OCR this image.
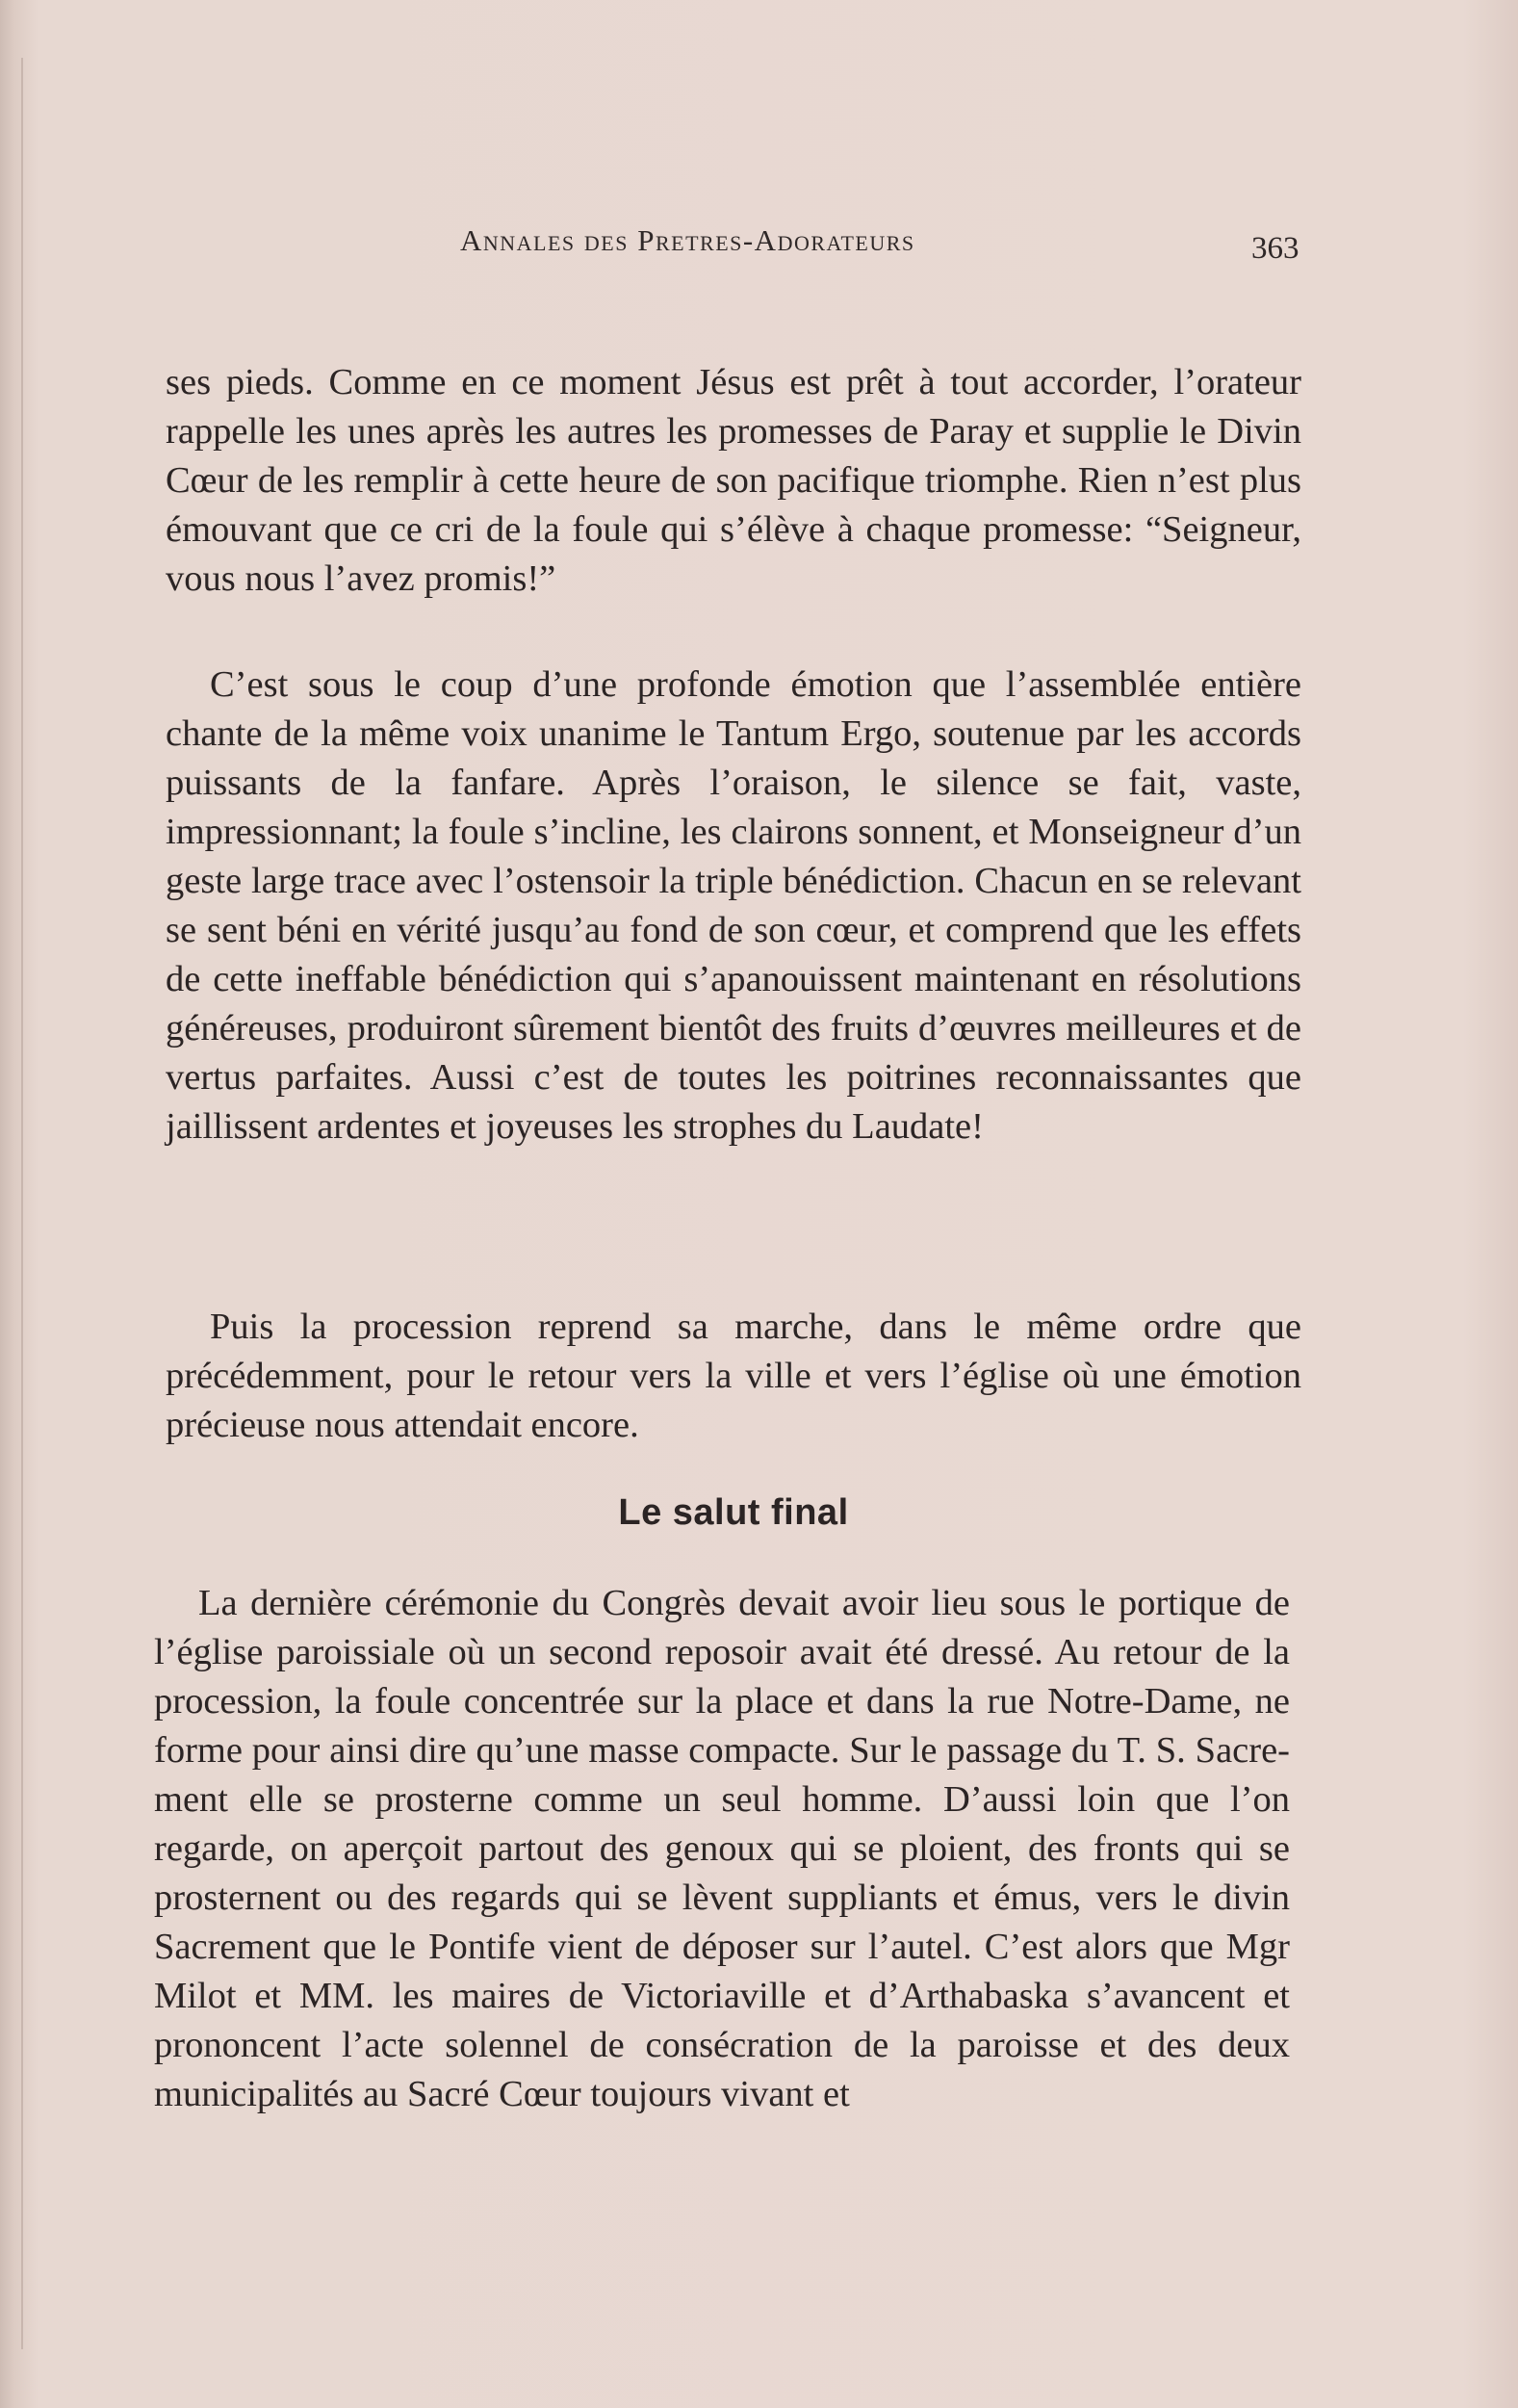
Annales des Pretres-Adorateurs	363

ses pieds. Comme en ce moment Jésus est prêt à tout accorder, l’orateur rappelle les unes après les autres les promesses de Paray et supplie le Divin Cœur de les remplir à cette heure de son pacifique triomphe. Rien n’est plus émouvant que ce cri de la foule qui s’élève à chaque promesse: “Seigneur, vous nous l’avez promis!”

C’est sous le coup d’une profonde émotion que l’assemblée entière chante de la même voix unanime le Tantum Ergo, soutenue par les accords puissants de la fanfare. Après l’oraison, le silence se fait, vaste, impressionnant; la foule s’incline, les clairons sonnent, et Monseigneur d’un geste large trace avec l’ostensoir la triple bénédiction. Chacun en se relevant se sent béni en vérité jusqu’au fond de son cœur, et comprend que les effets de cette ineffable bénédiction qui s’apanouissent maintenant en résolutions généreuses, produiront sûrement bientôt des fruits d’œuvres meilleures et de vertus parfaites. Aussi c’est de toutes les poitrines reconnaissantes que jaillissent ardentes et joyeuses les strophes du Laudate!

Puis la procession reprend sa marche, dans le même ordre que précédemment, pour le retour vers la ville et vers l’église où une émotion précieuse nous attendait encore.

Le salut final

La dernière cérémonie du Congrès devait avoir lieu sous le portique de l’église paroissiale où un second reposoir avait été dressé. Au retour de la procession, la foule concentrée sur la place et dans la rue Notre-Dame, ne forme pour ainsi dire qu’une masse compacte. Sur le passage du T. S. Sacrement elle se prosterne comme un seul homme. D’aussi loin que l’on regarde, on aperçoit partout des genoux qui se ploient, des fronts qui se prosternent ou des regards qui se lèvent suppliants et émus, vers le divin Sacrement que le Pontife vient de déposer sur l’autel. C’est alors que Mgr Milot et MM. les maires de Victoriaville et d’Arthabaska s’avancent et prononcent l’acte solennel de consécration de la paroisse et des deux municipalités au Sacré Cœur toujours vivant et
